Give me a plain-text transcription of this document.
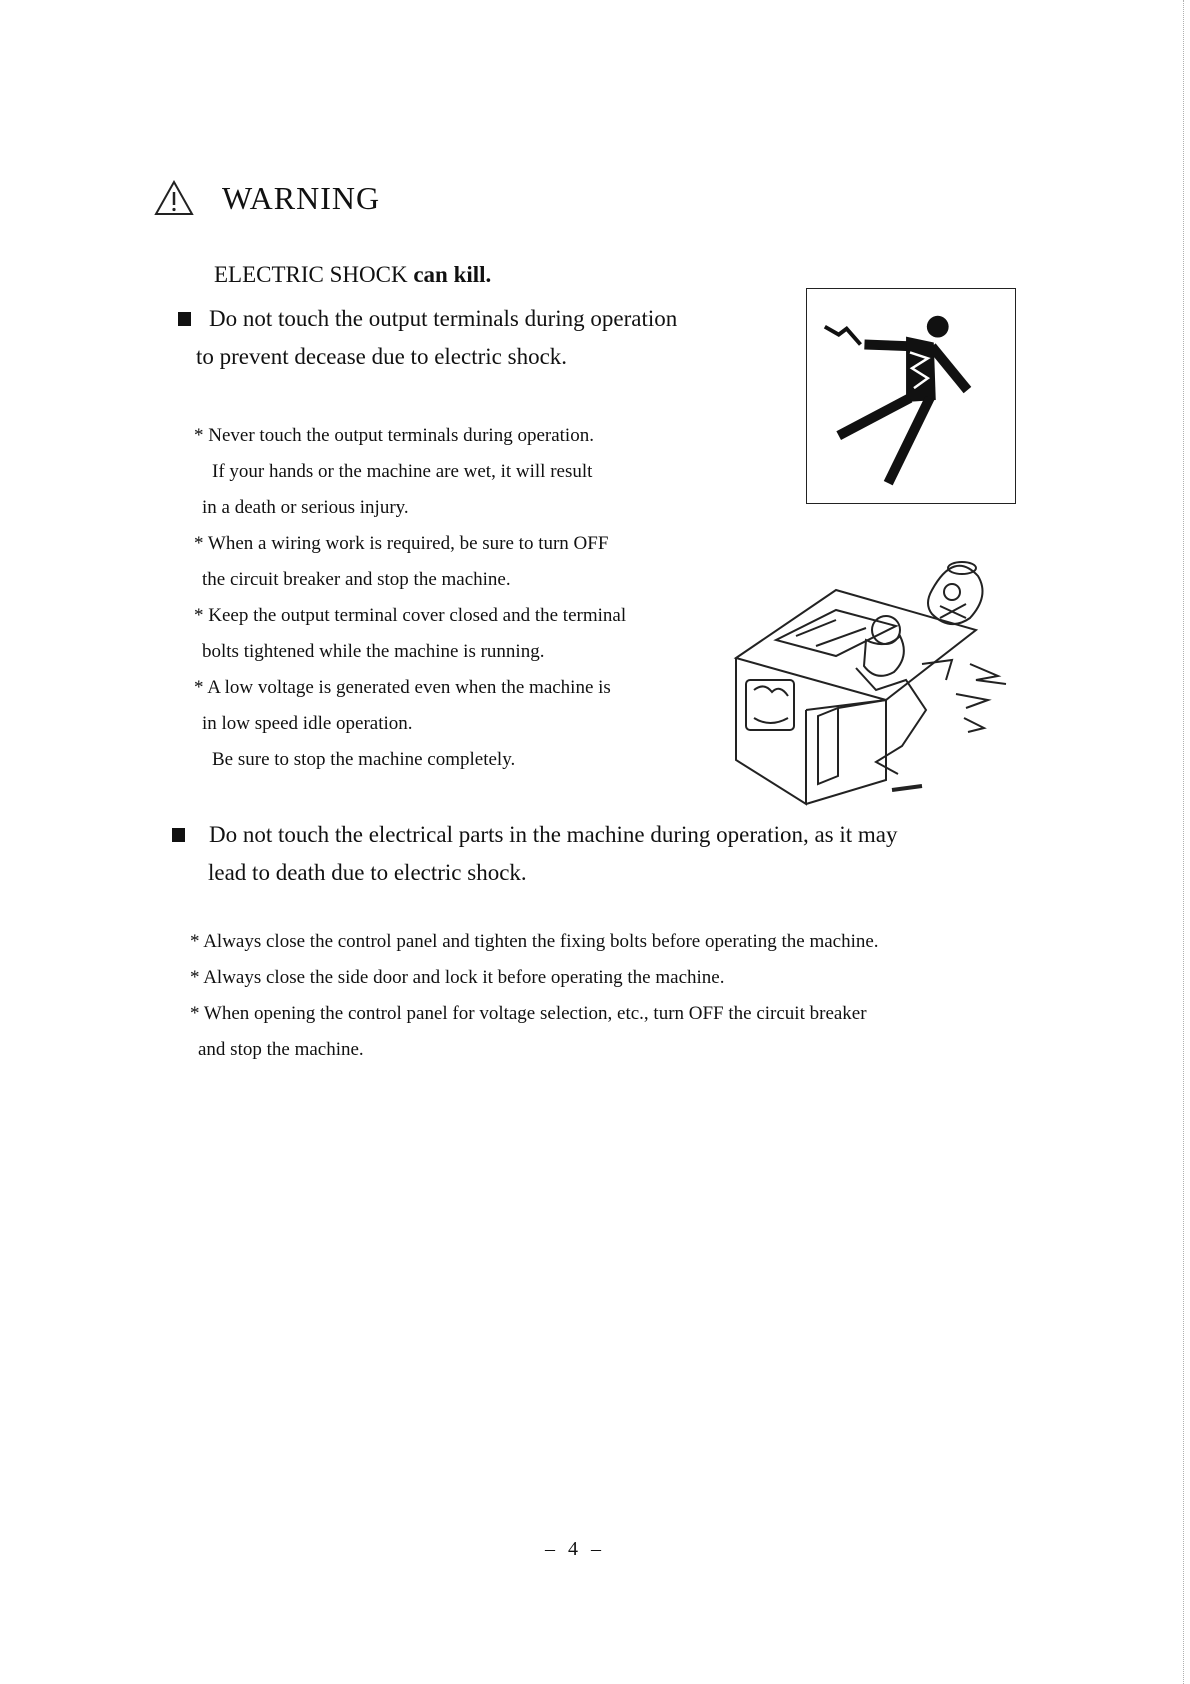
WARNING
ELECTRIC SHOCK can kill.
Do not touch the output terminals during operation
to prevent decease due to electric shock.
* Never touch the output terminals during operation.
If your hands or the machine are wet, it will result
in a death or serious injury.
* When a wiring work is required, be sure to turn OFF
the circuit breaker and stop the machine.
* Keep the output terminal cover closed and the terminal
bolts tightened while the machine is running.
* A low voltage is generated even when the machine is
in low speed idle operation.
Be sure to stop the machine completely.
Do not touch the electrical parts in the machine during operation, as it may
lead to death due to electric shock.
* Always close the control panel and tighten the fixing bolts before operating the machine.
* Always close the side door and lock it before operating the machine.
* When opening the control panel for voltage selection, etc., turn OFF the circuit breaker
and stop the machine.
– 4 –
